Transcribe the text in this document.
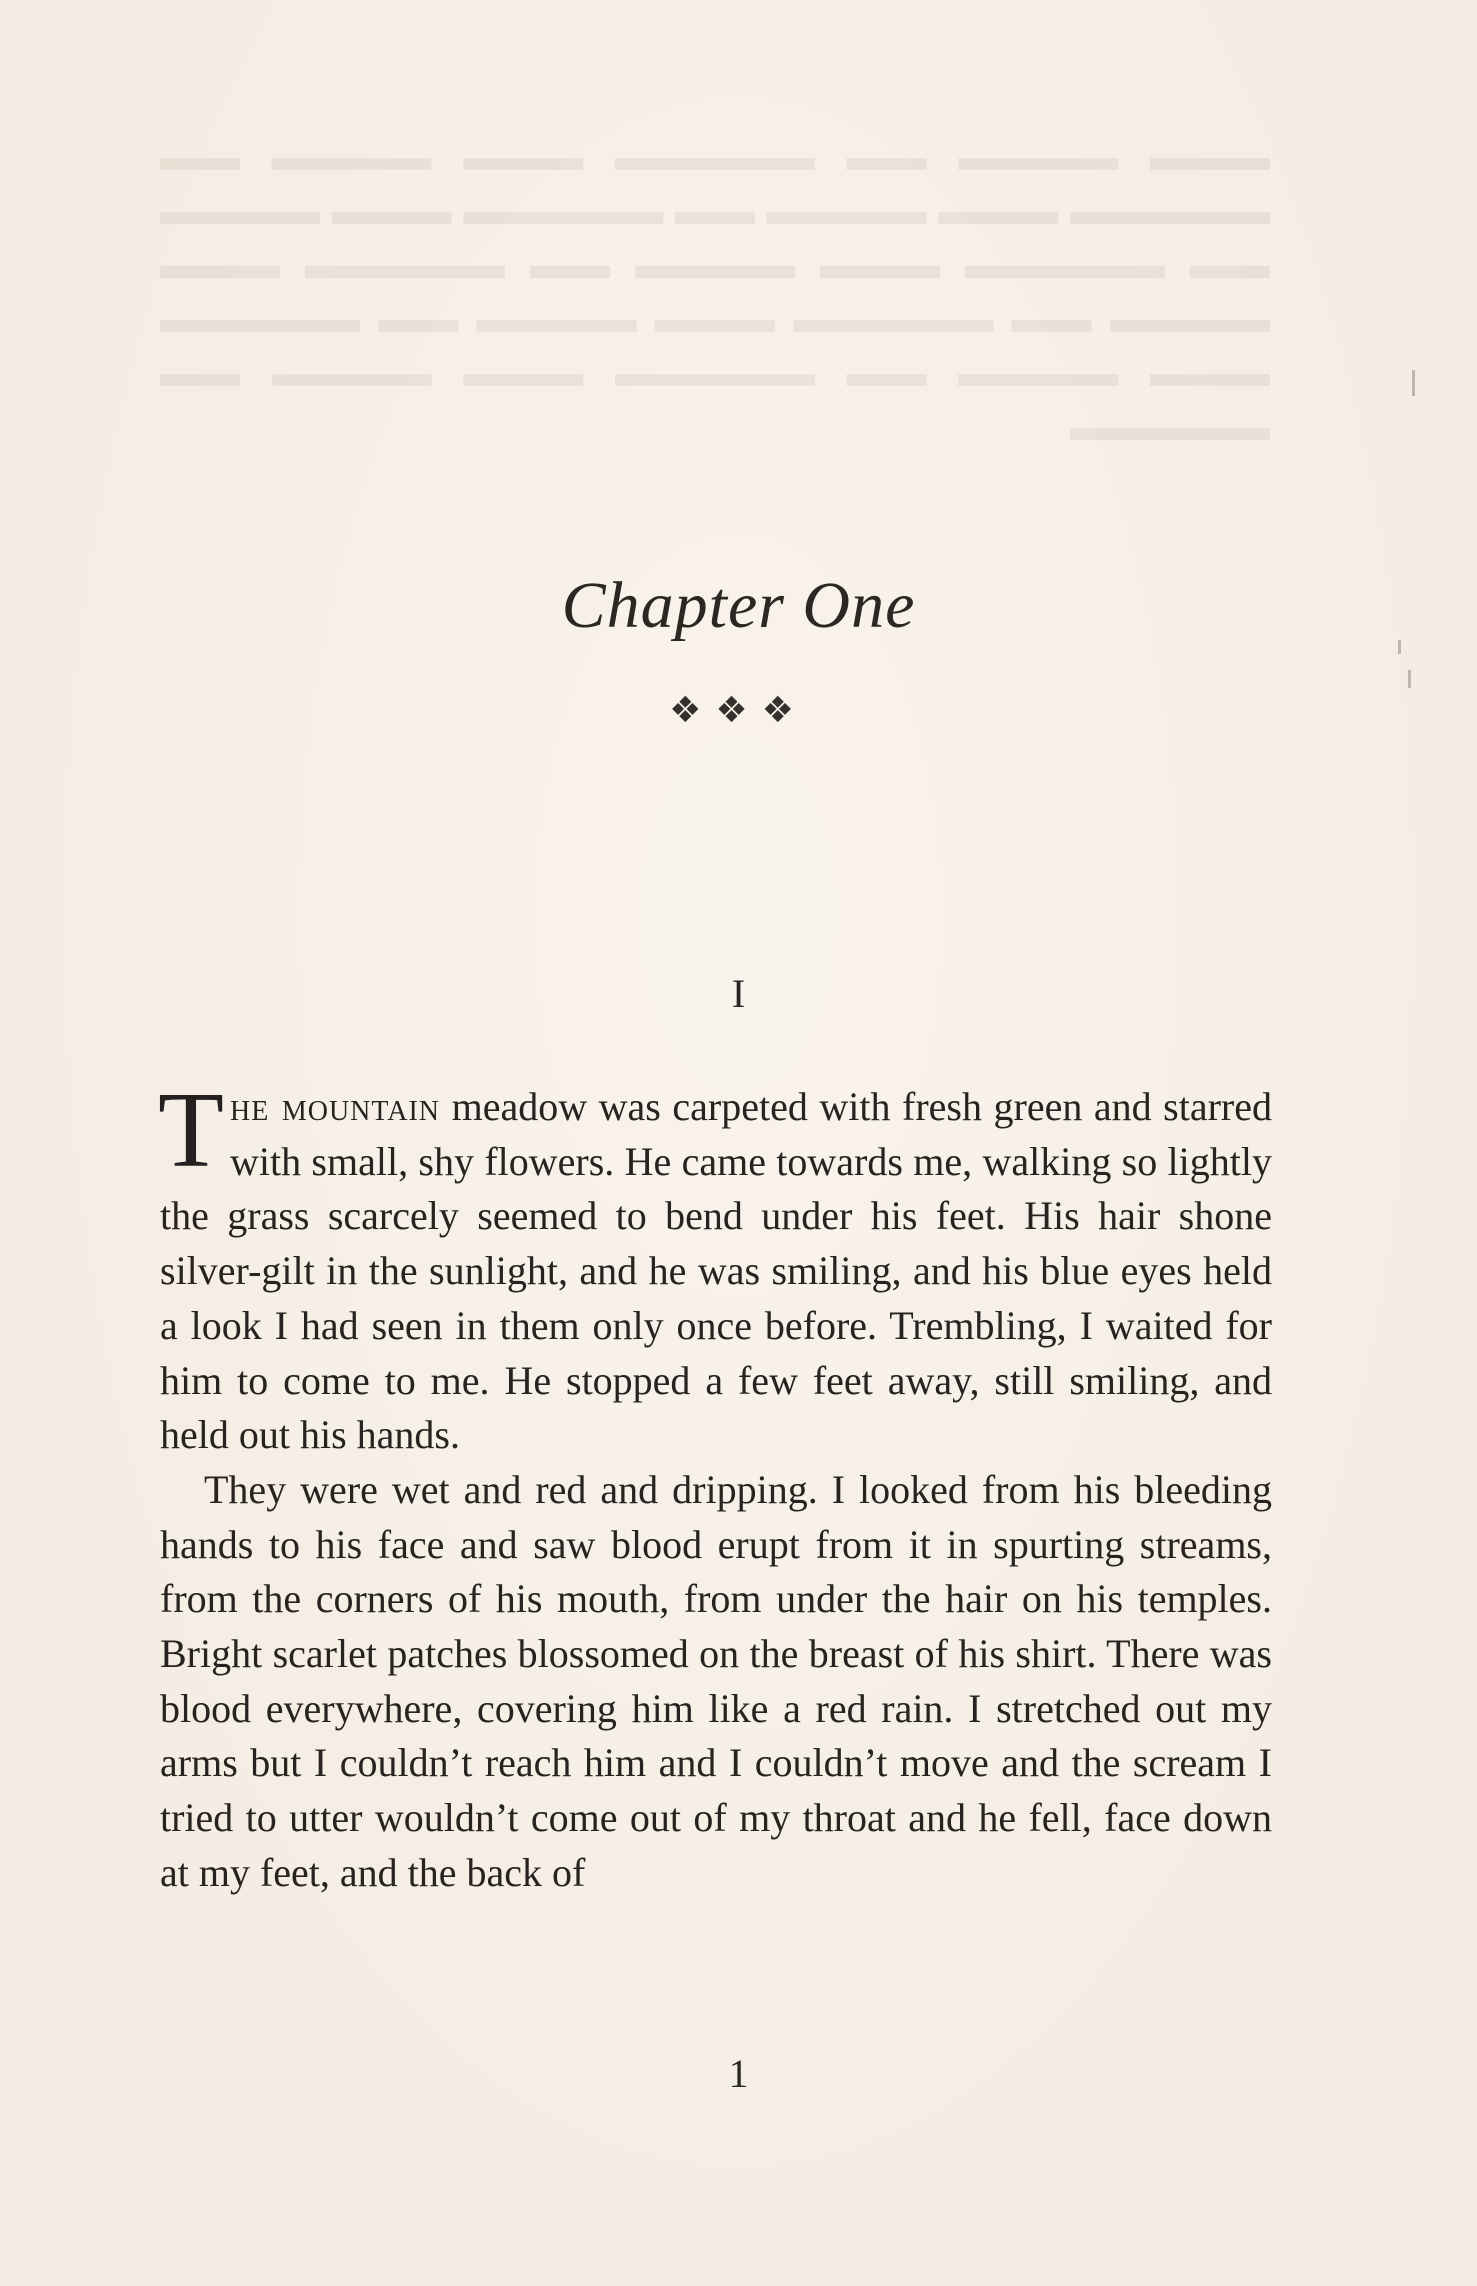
▬▬▬ ▬▬▬▬ ▬▬ ▬▬▬▬▬ ▬▬▬ ▬▬▬▬ ▬▬ ▬▬▬▬▬ ▬▬▬ ▬▬▬▬ ▬▬ ▬▬▬▬▬ ▬▬▬ ▬▬▬▬ ▬▬ ▬▬▬▬▬ ▬▬▬ ▬▬▬▬ ▬▬ ▬▬▬▬▬ ▬▬▬ ▬▬▬▬ ▬▬ ▬▬▬▬▬ ▬▬▬ ▬▬▬▬ ▬▬ ▬▬▬▬▬ ▬▬▬ ▬▬▬▬ ▬▬ ▬▬▬▬▬ ▬▬▬ ▬▬▬▬ ▬▬ ▬▬▬▬▬
Chapter One
❖❖❖
I

The mountain meadow was carpeted with fresh green and starred with small, shy flowers. He came towards me, walking so lightly the grass scarcely seemed to bend under his feet. His hair shone silver-gilt in the sunlight, and he was smiling, and his blue eyes held a look I had seen in them only once before. Trembling, I waited for him to come to me. He stopped a few feet away, still smiling, and held out his hands.

They were wet and red and dripping. I looked from his bleeding hands to his face and saw blood erupt from it in spurting streams, from the corners of his mouth, from under the hair on his temples. Bright scarlet patches blossomed on the breast of his shirt. There was blood everywhere, covering him like a red rain. I stretched out my arms but I couldn’t reach him and I couldn’t move and the scream I tried to utter wouldn’t come out of my throat and he fell, face down at my feet, and the back of

1
